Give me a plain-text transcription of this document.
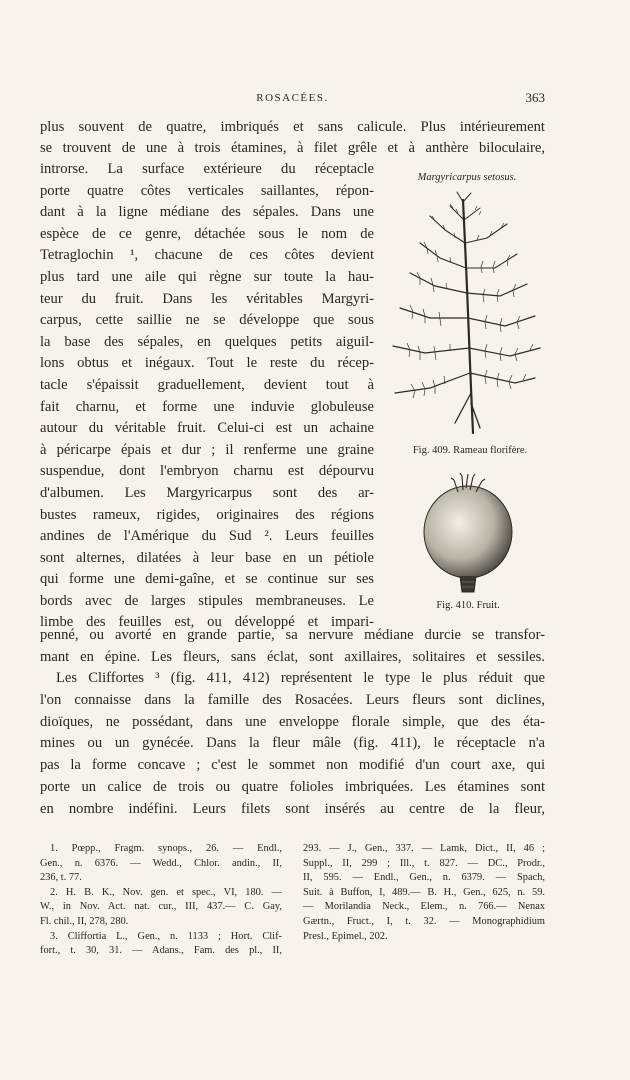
ROSACÉES.	363
plus souvent de quatre, imbriqués et sans calicule. Plus intérieurement
se trouvent de une à trois étamines, à filet grêle et à anthère biloculaire,
introrse. La surface extérieure du réceptacle
porte quatre côtes verticales saillantes, répon-
dant à la ligne médiane des sépales. Dans une
espèce de ce genre, détachée sous le nom de
Tetraglochin ¹, chacune de ces côtes devient
plus tard une aile qui règne sur toute la hau-
teur du fruit. Dans les véritables Margyri-
carpus, cette saillie ne se développe que sous
la base des sépales, en quelques petits aiguil-
lons obtus et inégaux. Tout le reste du récep-
tacle s'épaissit graduellement, devient tout à
fait charnu, et forme une induvie globuleuse
autour du véritable fruit. Celui-ci est un achaine
à péricarpe épais et dur ; il renferme une graine
suspendue, dont l'embryon charnu est dépourvu
d'albumen. Les Margyricarpus sont des ar-
bustes rameux, rigides, originaires des régions
andines de l'Amérique du Sud ². Leurs feuilles
sont alternes, dilatées à leur base en un pétiole
qui forme une demi-gaîne, et se continue sur ses
bords avec de larges stipules membraneuses. Le
limbe des feuilles est, ou développé et impari-
Margyricarpus setosus.
Fig. 409. Rameau florifère.
Fig. 410. Fruit.
penné, ou avorté en grande partie, sa nervure médiane durcie se transfor-
mant en épine. Les fleurs, sans éclat, sont axillaires, solitaires et sessiles.
Les Cliffortes ³ (fig. 411, 412) représentent le type le plus réduit que
l'on connaisse dans la famille des Rosacées. Leurs fleurs sont diclines,
dioïques, ne possédant, dans une enveloppe florale simple, que des éta-
mines ou un gynécée. Dans la fleur mâle (fig. 411), le réceptacle n'a
pas la forme concave ; c'est le sommet non modifié d'un court axe, qui
porte un calice de trois ou quatre folioles imbriquées. Les étamines sont
en nombre indéfini. Leurs filets sont insérés au centre de la fleur,
1. Pœpp., Fragm. synops., 26. — Endl.,
Gen., n. 6376. — Wedd., Chlor. andin., II,
236, t. 77.
2. H. B. K., Nov. gen. et spec., VI, 180. —
W., in Nov. Act. nat. cur., III, 437.— C. Gay,
Fl. chil., II, 278, 280.
3. Cliffortia L., Gen., n. 1133 ; Hort. Clif-
fort., t. 30, 31. — Adans., Fam. des pl., II,
293. — J., Gen., 337. — Lamk, Dict., II, 46 ;
Suppl., II, 299 ; Ill., t. 827. — DC., Prodr.,
II, 595. — Endl., Gen., n. 6379. — Spach,
Suit. à Buffon, I, 489.— B. H., Gen., 625, n. 59.
— Morilandia Neck., Elem., n. 766.— Nenax
Gærtn., Fruct., I, t. 32. — Monographidium
Presl., Epimel., 202.
